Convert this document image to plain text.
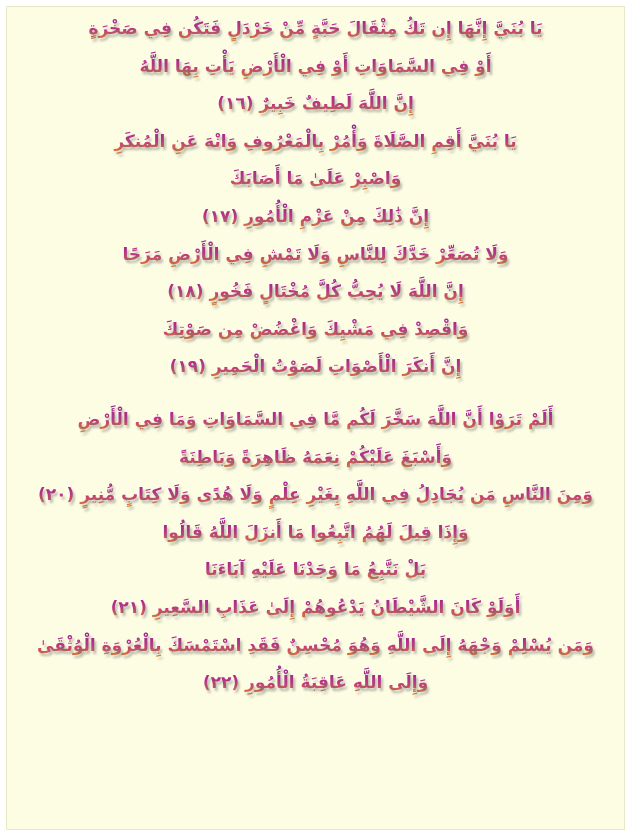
يَا بُنَيَّ إِنَّهَا إِن تَكُ مِثْقَالَ حَبَّةٍ مِّنْ خَرْدَلٍ فَتَكُن فِي صَخْرَةٍ
أَوْ فِي السَّمَاوَاتِ أَوْ فِي الْأَرْضِ يَأْتِ بِهَا اللَّهُ
إِنَّ اللَّهَ لَطِيفٌ خَبِيرٌ (١٦)
يَا بُنَيَّ أَقِمِ الصَّلَاةَ وَأْمُرْ بِالْمَعْرُوفِ وَانْهَ عَنِ الْمُنكَرِ
وَاصْبِرْ عَلَىٰ مَا أَصَابَكَ
إِنَّ ذَٰلِكَ مِنْ عَزْمِ الْأُمُورِ (١٧)
وَلَا تُصَعِّرْ خَدَّكَ لِلنَّاسِ وَلَا تَمْشِ فِي الْأَرْضِ مَرَحًا
إِنَّ اللَّهَ لَا يُحِبُّ كُلَّ مُخْتَالٍ فَخُورٍ (١٨)
وَاقْصِدْ فِي مَشْيِكَ وَاغْضُضْ مِن صَوْتِكَ
إِنَّ أَنكَرَ الْأَصْوَاتِ لَصَوْتُ الْحَمِيرِ (١٩)
أَلَمْ تَرَوْا أَنَّ اللَّهَ سَخَّرَ لَكُم مَّا فِي السَّمَاوَاتِ وَمَا فِي الْأَرْضِ
وَأَسْبَغَ عَلَيْكُمْ نِعَمَهُ ظَاهِرَةً وَبَاطِنَةً
وَمِنَ النَّاسِ مَن يُجَادِلُ فِي اللَّهِ بِغَيْرِ عِلْمٍ وَلَا هُدًى وَلَا كِتَابٍ مُّنِيرٍ (٢٠)
وَإِذَا قِيلَ لَهُمُ اتَّبِعُوا مَا أَنزَلَ اللَّهُ قَالُوا
بَلْ نَتَّبِعُ مَا وَجَدْنَا عَلَيْهِ آبَاءَنَا
أَوَلَوْ كَانَ الشَّيْطَانُ يَدْعُوهُمْ إِلَىٰ عَذَابِ السَّعِيرِ (٢١)
وَمَن يُسْلِمْ وَجْهَهُ إِلَى اللَّهِ وَهُوَ مُحْسِنٌ فَقَدِ اسْتَمْسَكَ بِالْعُرْوَةِ الْوُثْقَىٰ
وَإِلَى اللَّهِ عَاقِبَةُ الْأُمُورِ (٢٢)
